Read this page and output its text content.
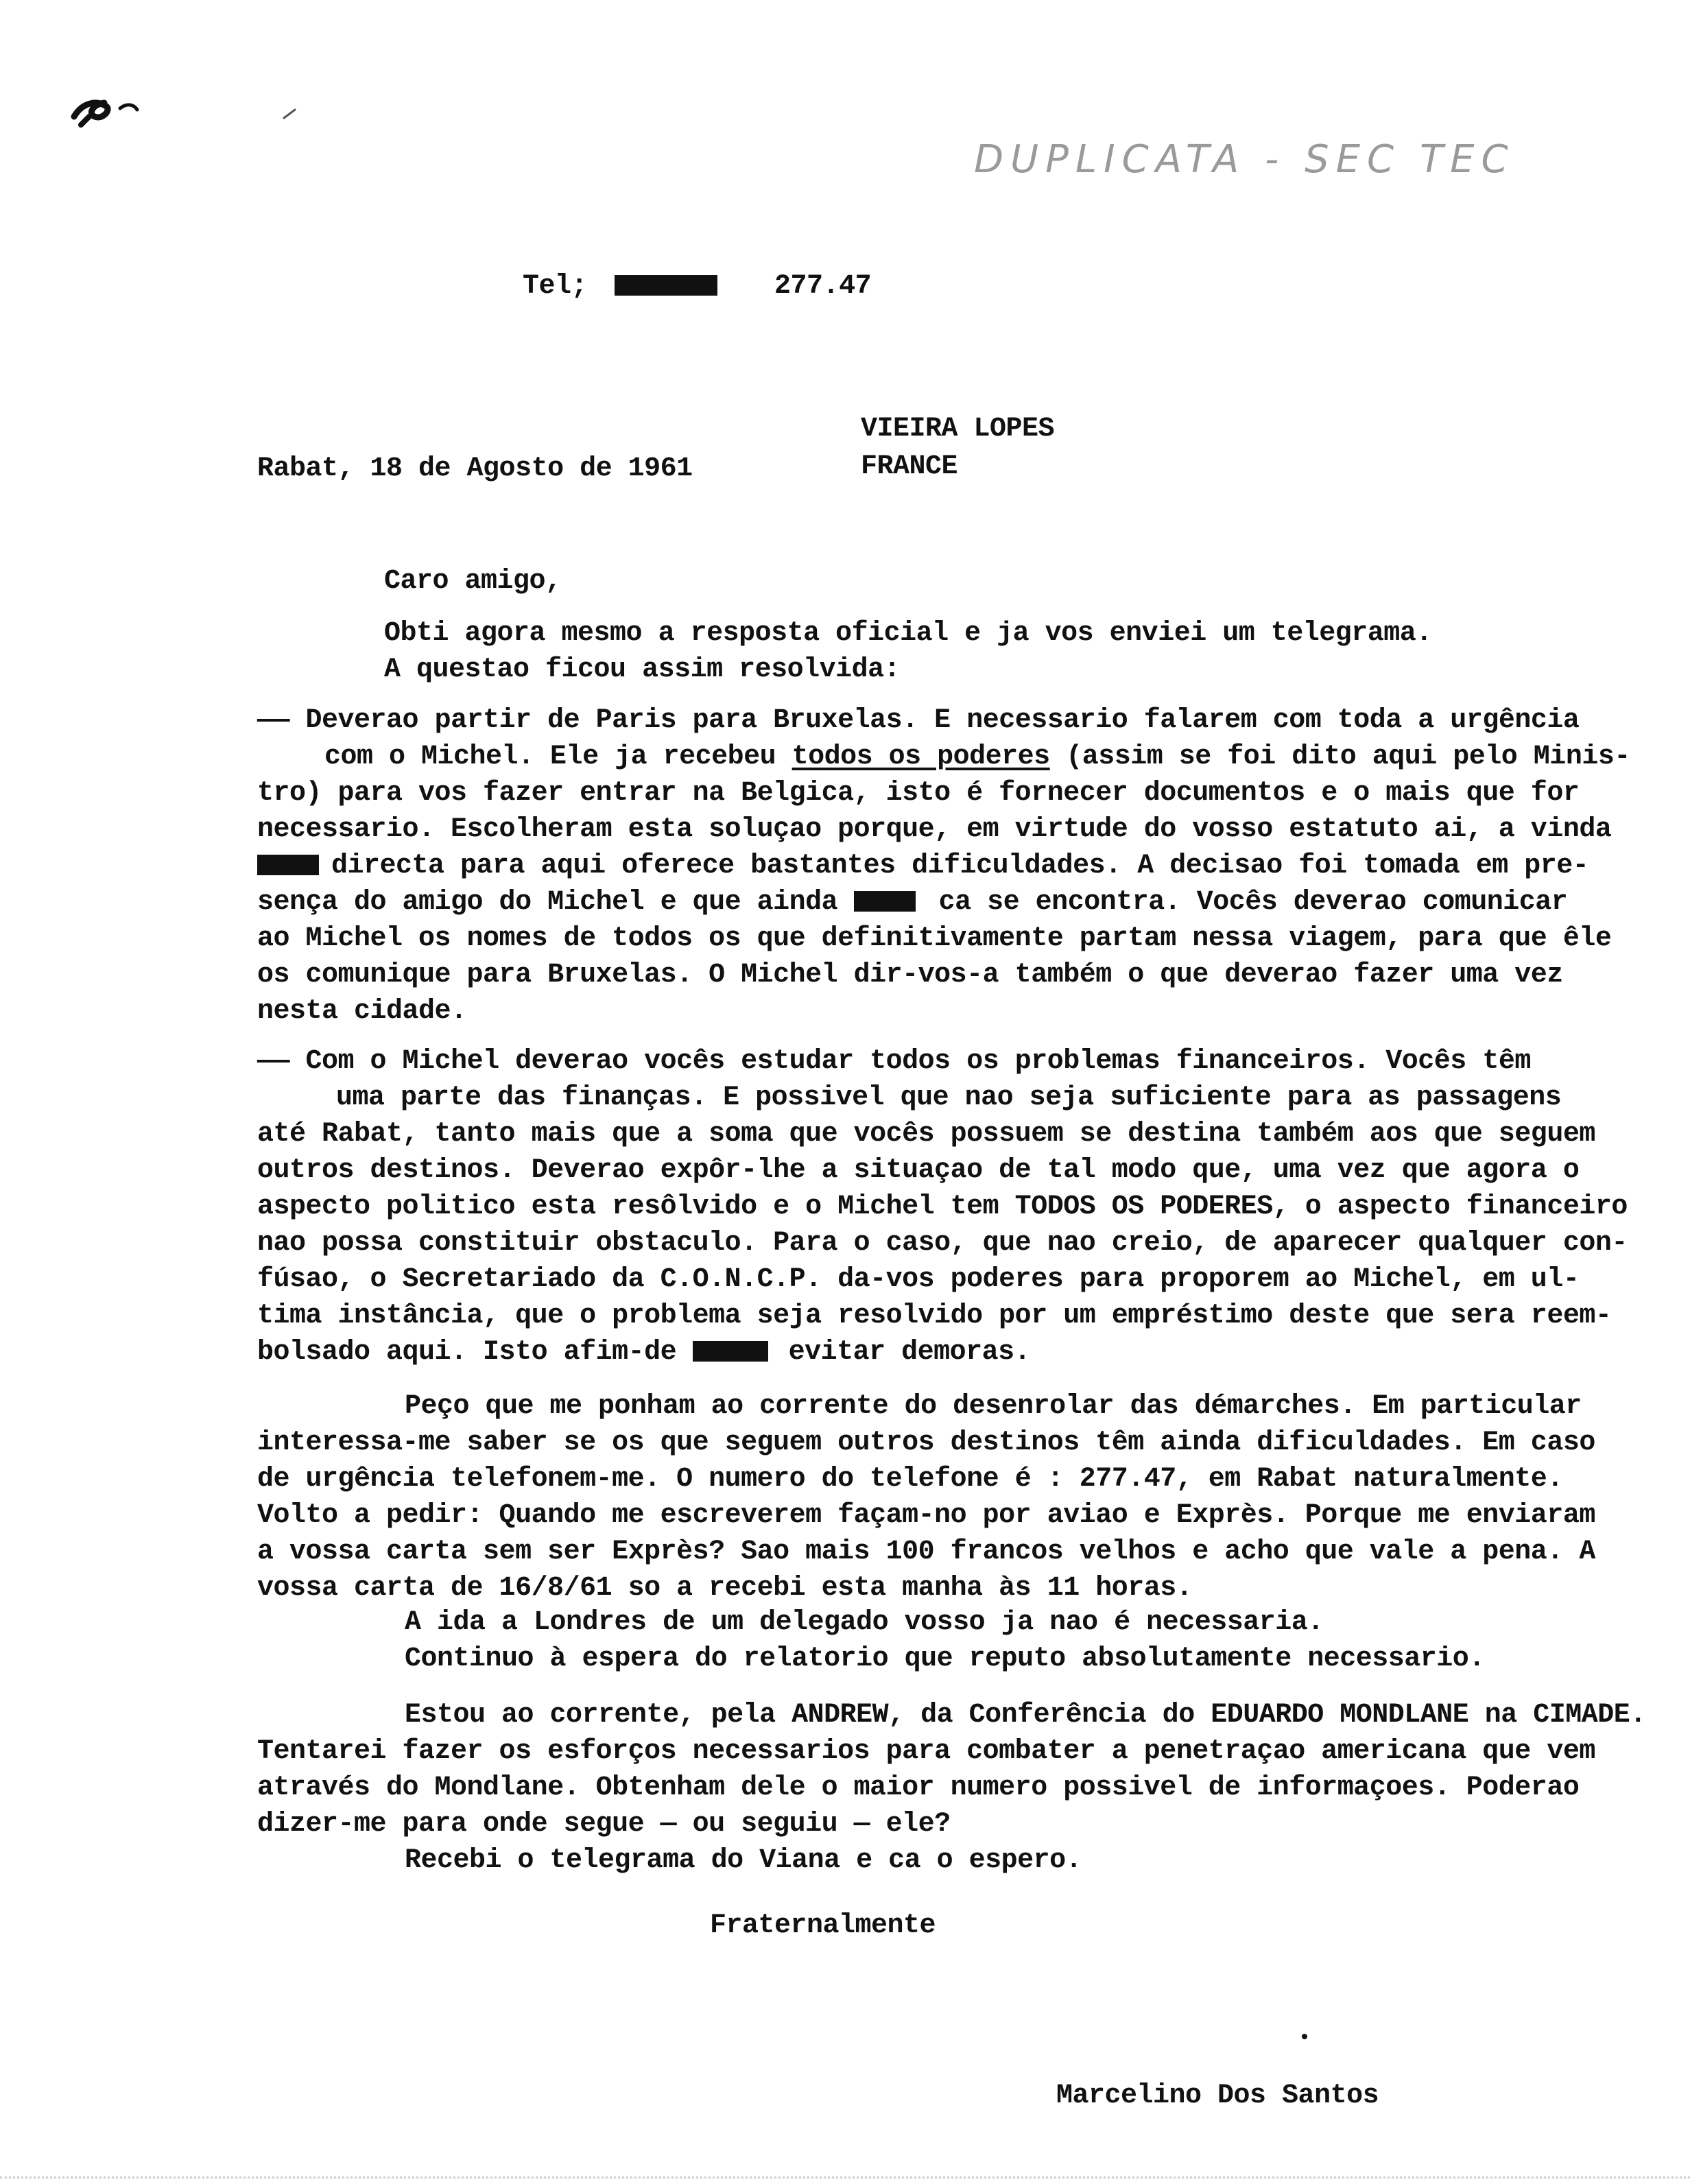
DUPLICATA - SEC TEC
Tel;	277.47
VIEIRA LOPES
FRANCE
Rabat, 18 de Agosto de 1961
Caro amigo,
Obti agora mesmo a resposta oficial e ja vos enviei um telegrama.
A questao ficou assim resolvida:
—— Deverao partir de Paris para Bruxelas. E necessario falarem com toda a urgência
com o Michel. Ele ja recebeu todos os poderes (assim se foi dito aqui pelo Minis-
tro) para vos fazer entrar na Belgica, isto é fornecer documentos e o mais que for
necessario. Escolheram esta soluçao porque, em virtude do vosso estatuto ai, a vinda
directa para aqui oferece bastantes dificuldades. A decisao foi tomada em pre-
sença do amigo do Michel e que ainda	ca se encontra. Vocês deverao comunicar
ao Michel os nomes de todos os que definitivamente partam nessa viagem, para que êle
os comunique para Bruxelas. O Michel dir-vos-a também o que deverao fazer uma vez
nesta cidade.
—— Com o Michel deverao vocês estudar todos os problemas financeiros. Vocês têm
uma parte das finanças. E possivel que nao seja suficiente para as passagens
até Rabat, tanto mais que a soma que vocês possuem se destina também aos que seguem
outros destinos. Deverao expôr-lhe a situaçao de tal modo que, uma vez que agora o
aspecto politico esta resôlvido e o Michel tem TODOS OS PODERES, o aspecto financeiro
nao possa constituir obstaculo. Para o caso, que nao creio, de aparecer qualquer con-
fúsao, o Secretariado da C.O.N.C.P. da-vos poderes para proporem ao Michel, em ul-
tima instância, que o problema seja resolvido por um empréstimo deste que sera reem-
bolsado aqui. Isto afim-de	evitar demoras.
Peço que me ponham ao corrente do desenrolar das démarches. Em particular
interessa-me saber se os que seguem outros destinos têm ainda dificuldades. Em caso
de urgência telefonem-me. O numero do telefone é : 277.47, em Rabat naturalmente.
Volto a pedir: Quando me escreverem façam-no por aviao e Exprès. Porque me enviaram
a vossa carta sem ser Exprès? Sao mais 100 francos velhos e acho que vale a pena. A
vossa carta de 16/8/61 so a recebi esta manha às 11 horas.
A ida a Londres de um delegado vosso ja nao é necessaria.
Continuo à espera do relatorio que reputo absolutamente necessario.
Estou ao corrente, pela ANDREW, da Conferência do EDUARDO MONDLANE na CIMADE.
Tentarei fazer os esforços necessarios para combater a penetraçao americana que vem
através do Mondlane. Obtenham dele o maior numero possivel de informaçoes. Poderao
dizer-me para onde segue — ou seguiu — ele?
Recebi o telegrama do Viana e ca o espero.
Fraternalmente
Marcelino Dos Santos
